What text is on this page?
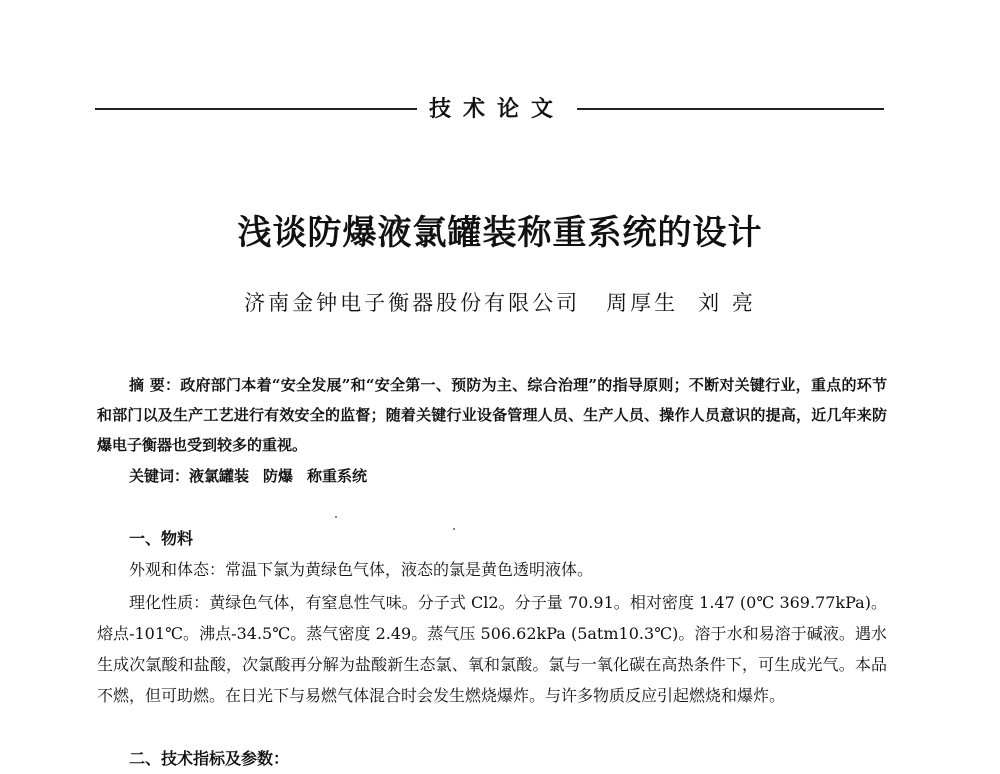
技术论文
浅谈防爆液氯罐装称重系统的设计
济南金钟电子衡器股份有限公司 周厚生 刘 亮
摘 要：政府部门本着“安全发展”和“安全第一、预防为主、综合治理”的指导原则；不断对关键行业，重点的环节和部门以及生产工艺进行有效安全的监督；随着关键行业设备管理人员、生产人员、操作人员意识的提高，近几年来防爆电子衡器也受到较多的重视。
关键词：液氯罐装 防爆 称重系统
一、物料
外观和体态：常温下氯为黄绿色气体，液态的氯是黄色透明液体。
理化性质：黄绿色气体，有窒息性气味。分子式 Cl2。分子量 70.91。相对密度 1.47 (0℃ 369.77kPa)。熔点-101℃。沸点-34.5℃。蒸气密度 2.49。蒸气压 506.62kPa (5atm10.3℃)。溶于水和易溶于碱液。遇水生成次氯酸和盐酸，次氯酸再分解为盐酸新生态氯、氧和氯酸。氯与一氧化碳在高热条件下，可生成光气。本品不燃，但可助燃。在日光下与易燃气体混合时会发生燃烧爆炸。与许多物质反应引起燃烧和爆炸。
二、技术指标及参数：
